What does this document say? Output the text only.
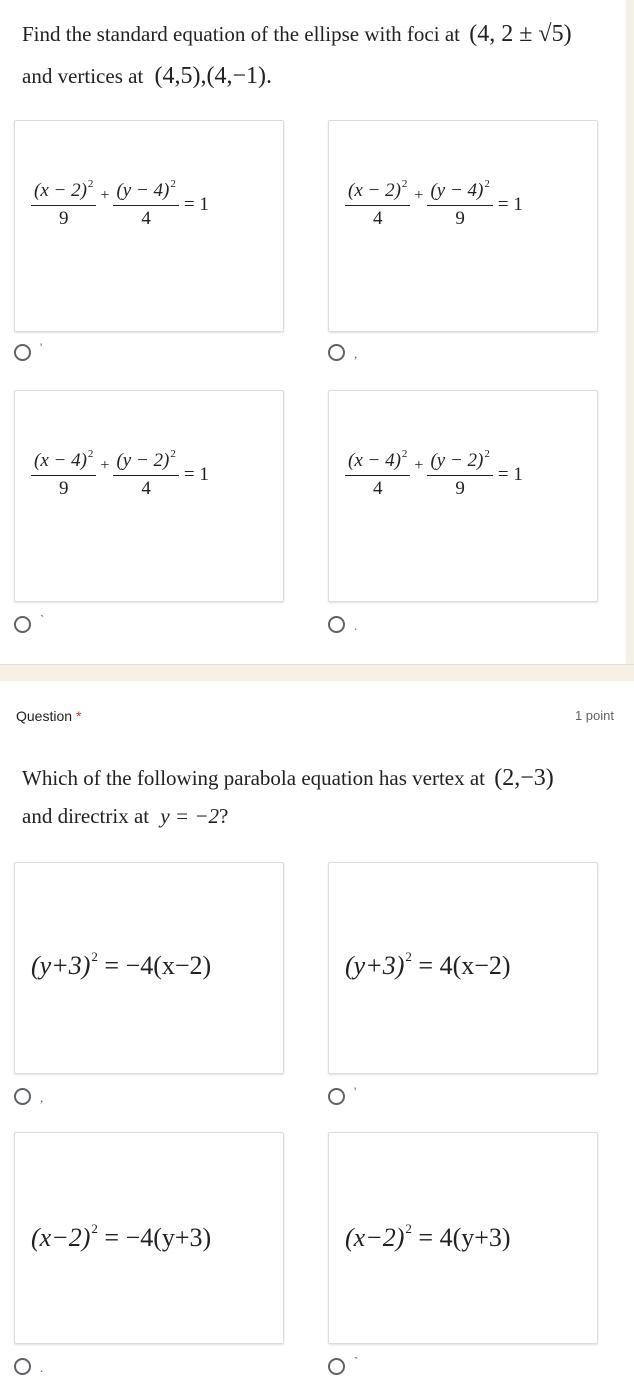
Find the standard equation of the ellipse with foci at (4, 2 ± √5)
and vertices at (4,5),(4,−1).
$\frac{(x - 2)^2}{9} + \frac{(y - 4)^2}{4} = 1$	$\frac{(x - 2)^2}{4} + \frac{(y - 4)^2}{9} = 1$
'	,
$\frac{(x - 4)^2}{9} + \frac{(y - 2)^2}{4} = 1$	$\frac{(x - 4)^2}{4} + \frac{(y - 2)^2}{9} = 1$
`	.
Question *	1 point
Which of the following parabola equation has vertex at (2,−3)
and directrix at y = −2?
$(y+3)^2 = -4(x-2)$	$(y+3)^2 = 4(x-2)$
,	'
$(x-2)^2 = -4(y+3)$	$(x-2)^2 = 4(y+3)$
.	`
